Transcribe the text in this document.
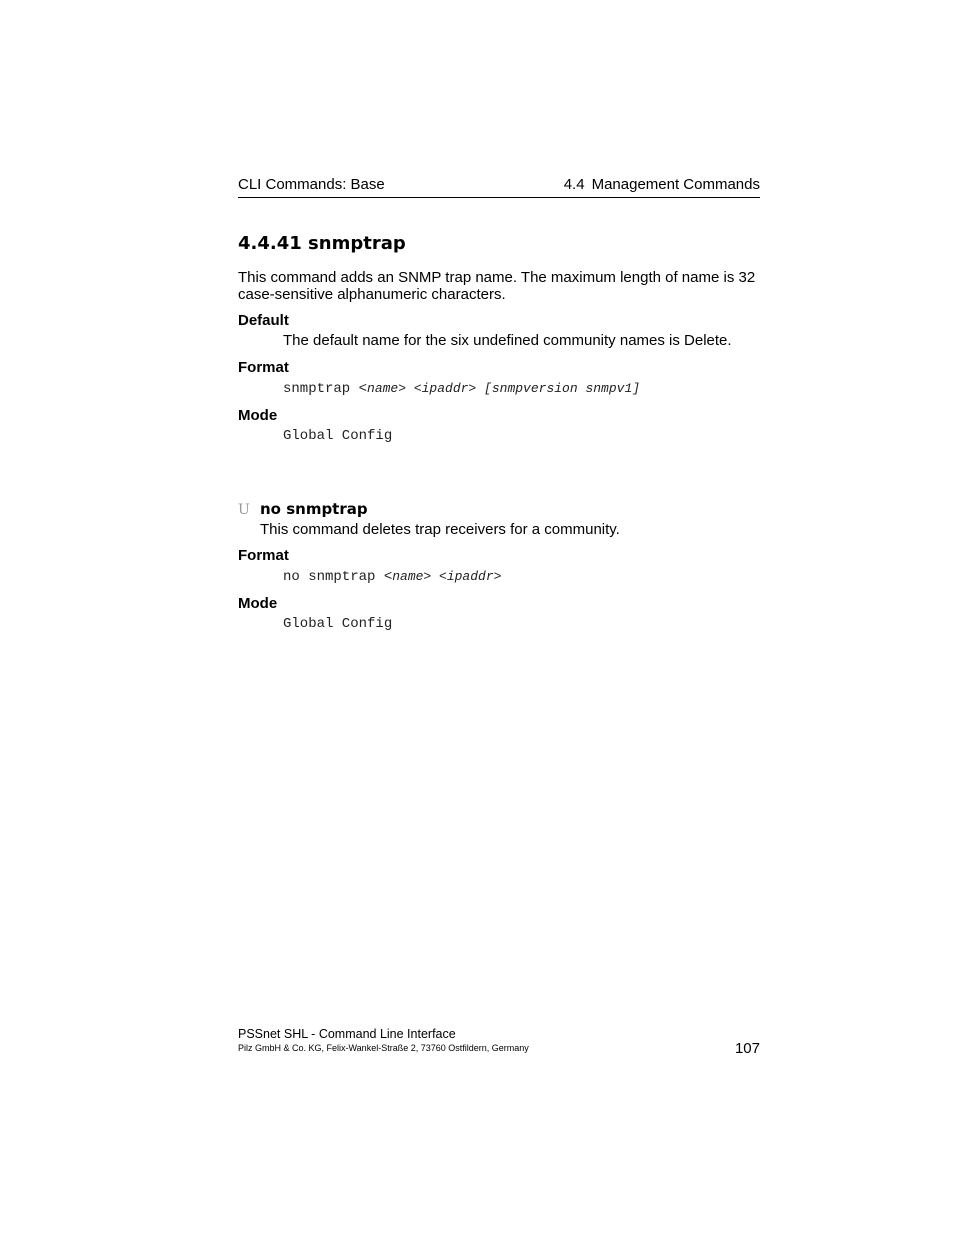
CLI Commands: Base	4.4 Management Commands
4.4.41 snmptrap

This command adds an SNMP trap name. The maximum length of name is 32 case-sensitive alphanumeric characters.

Default

The default name for the six undefined community names is Delete.

Format

snmptrap <name> <ipaddr> [snmpversion snmpv1]

Mode

Global Config
U no snmptrap

This command deletes trap receivers for a community.

Format

no snmptrap <name> <ipaddr>

Mode

Global Config
PSSnet SHL - Command Line Interface
Pilz GmbH & Co. KG, Felix-Wankel-Straße 2, 73760 Ostfildern, Germany	107
